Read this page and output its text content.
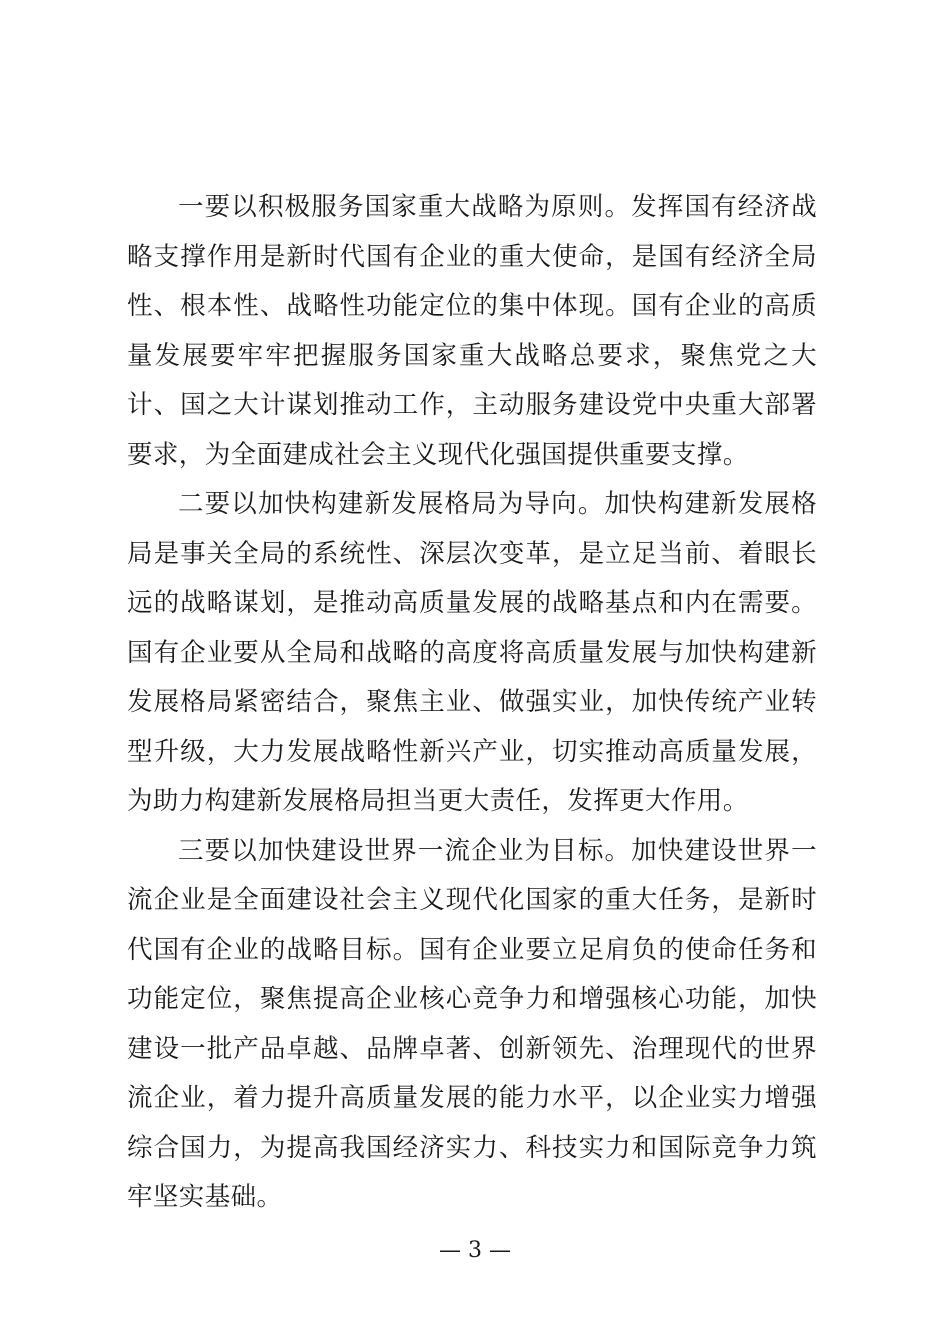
一要以积极服务国家重大战略为原则。发挥国有经济战略支撑作用是新时代国有企业的重大使命，是国有经济全局性、根本性、战略性功能定位的集中体现。国有企业的高质量发展要牢牢把握服务国家重大战略总要求，聚焦党之大计、国之大计谋划推动工作，主动服务建设党中央重大部署要求，为全面建成社会主义现代化强国提供重要支撑。

二要以加快构建新发展格局为导向。加快构建新发展格局是事关全局的系统性、深层次变革，是立足当前、着眼长远的战略谋划，是推动高质量发展的战略基点和内在需要。国有企业要从全局和战略的高度将高质量发展与加快构建新发展格局紧密结合，聚焦主业、做强实业，加快传统产业转型升级，大力发展战略性新兴产业，切实推动高质量发展，为助力构建新发展格局担当更大责任，发挥更大作用。

三要以加快建设世界一流企业为目标。加快建设世界一流企业是全面建设社会主义现代化国家的重大任务，是新时代国有企业的战略目标。国有企业要立足肩负的使命任务和功能定位，聚焦提高企业核心竞争力和增强核心功能，加快建设一批产品卓越、品牌卓著、创新领先、治理现代的世界流企业，着力提升高质量发展的能力水平，以企业实力增强综合国力，为提高我国经济实力、科技实力和国际竞争力筑牢坚实基础。

— 3 —
